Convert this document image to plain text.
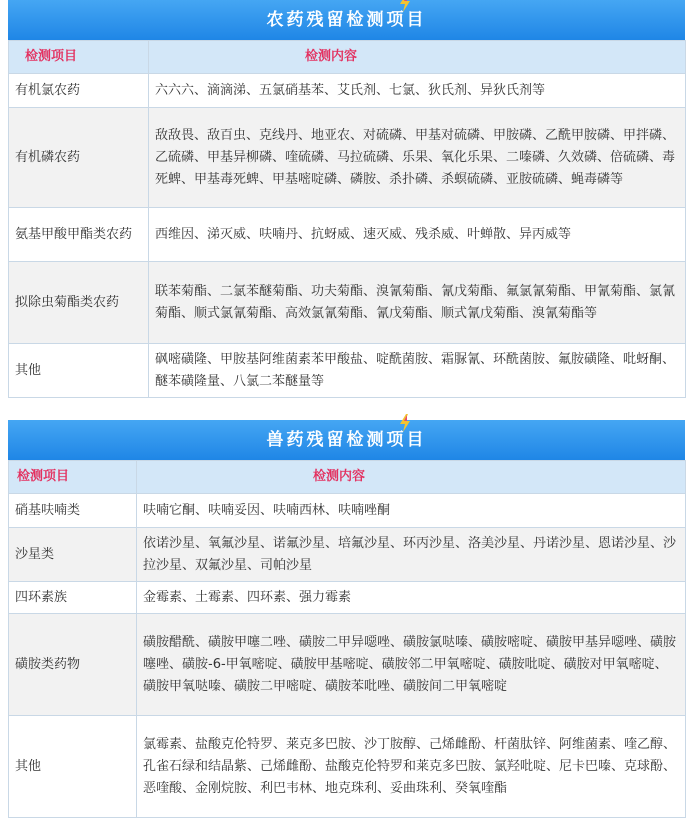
农药残留检测项目
检测项目	检测内容
有机氯农药	六六六、滴滴涕、五氯硝基苯、艾氏剂、七氯、狄氏剂、异狄氏剂等
有机磷农药	敌敌畏、敌百虫、克线丹、地亚农、对硫磷、甲基对硫磷、甲胺磷、乙酰甲胺磷、甲拌磷、乙硫磷、甲基异柳磷、喹硫磷、马拉硫磷、乐果、氧化乐果、二嗪磷、久效磷、倍硫磷、毒死蜱、甲基毒死蜱、甲基嘧啶磷、磷胺、杀扑磷、杀螟硫磷、亚胺硫磷、蝇毒磷等
氨基甲酸甲酯类农药	西维因、涕灭威、呋喃丹、抗蚜威、速灭威、残杀威、叶蝉散、异丙威等
拟除虫菊酯类农药	联苯菊酯、二氯苯醚菊酯、功夫菊酯、溴氰菊酯、氰戊菊酯、氟氯氰菊酯、甲氰菊酯、氯氰菊酯、顺式氯氰菊酯、高效氯氰菊酯、氰戊菊酯、顺式氰戊菊酯、溴氰菊酯等
其他	砜嘧磺隆、甲胺基阿维菌素苯甲酸盐、啶酰菌胺、霜脲氰、环酰菌胺、氟胺磺隆、吡蚜酮、醚苯磺隆量、八氯二苯醚量等
兽药残留检测项目
检测项目	检测内容
硝基呋喃类	呋喃它酮、呋喃妥因、呋喃西林、呋喃唑酮
沙星类	依诺沙星、氧氟沙星、诺氟沙星、培氟沙星、环丙沙星、洛美沙星、丹诺沙星、恩诺沙星、沙拉沙星、双氟沙星、司帕沙星
四环素族	金霉素、土霉素、四环素、强力霉素
磺胺类药物	磺胺醋酰、磺胺甲噻二唑、磺胺二甲异噁唑、磺胺氯哒嗪、磺胺嘧啶、磺胺甲基异噁唑、磺胺噻唑、磺胺-6-甲氧嘧啶、磺胺甲基嘧啶、磺胺邻二甲氧嘧啶、磺胺吡啶、磺胺对甲氧嘧啶、磺胺甲氧哒嗪、磺胺二甲嘧啶、磺胺苯吡唑、磺胺间二甲氧嘧啶
其他	氯霉素、盐酸克伦特罗、莱克多巴胺、沙丁胺醇、己烯雌酚、杆菌肽锌、阿维菌素、喹乙醇、孔雀石绿和结晶紫、己烯雌酚、盐酸克伦特罗和莱克多巴胺、氯羟吡啶、尼卡巴嗪、克球酚、恶喹酸、金刚烷胺、利巴韦林、地克珠利、妥曲珠利、癸氧喹酯
